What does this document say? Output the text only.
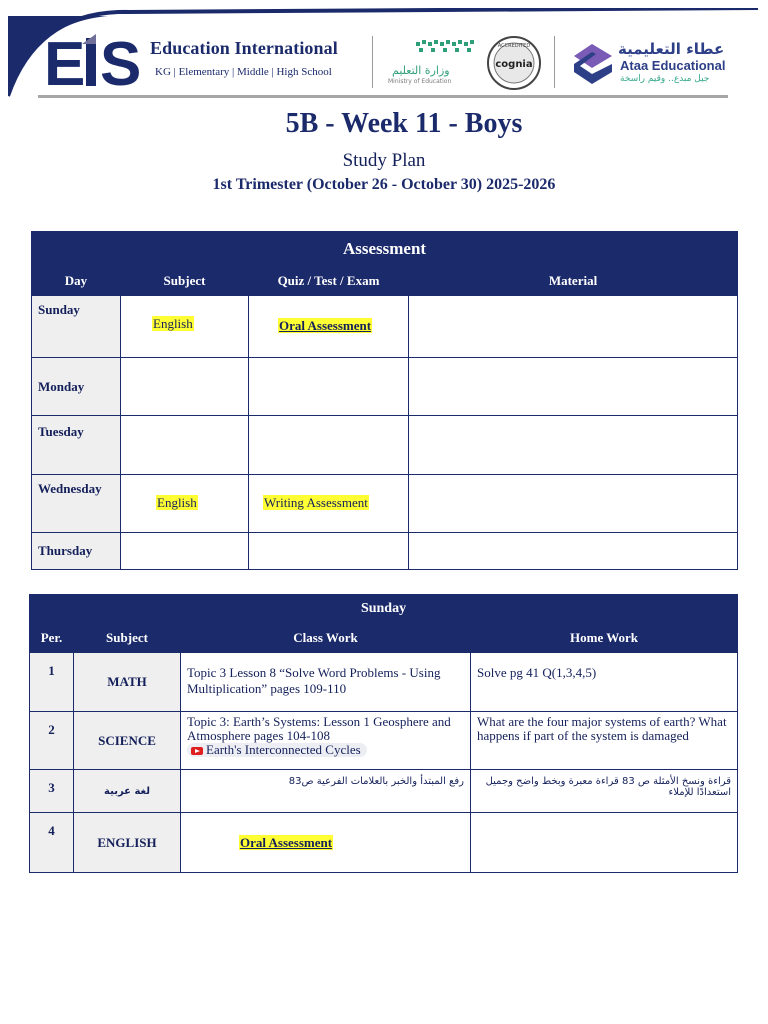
E S Education International
KG | Elementary | Middle | High School	وزارة التعليم
Ministry of Education
ACCREDITED
cognia
عطاء التعليمية
Ataa Educational
جيل مبدع.. وقيم راسخة
5B - Week 11 - Boys
Study Plan
1st Trimester (October 26 - October 30) 2025-2026
Assessment			
Day	Subject	Quiz / Test / Exam	Material
Sunday	English	Oral Assessment	
Monday			
Tuesday			
Wednesday	English	Writing Assessment	
Thursday			
Sunday			
Per.	Subject	Class Work	Home Work
1	MATH	Topic 3 Lesson 8 “Solve Word Problems - Using Multiplication” pages 109-110	Solve pg 41 Q(1,3,4,5)
2	SCIENCE	Topic 3: Earth’s Systems: Lesson 1 Geosphere and Atmosphere pages 104-108
Earth's Interconnected Cycles	What are the four major systems of earth? What happens if part of the system is damaged
3	لغة عربية	رفع المبتدأ والخبر بالعلامات الفرعية ص83	قراءة ونسخ الأمثلة ص 83 قراءة معبرة وبخط واضح وجميل استعدادًا للإملاء
4	ENGLISH	Oral Assessment	
